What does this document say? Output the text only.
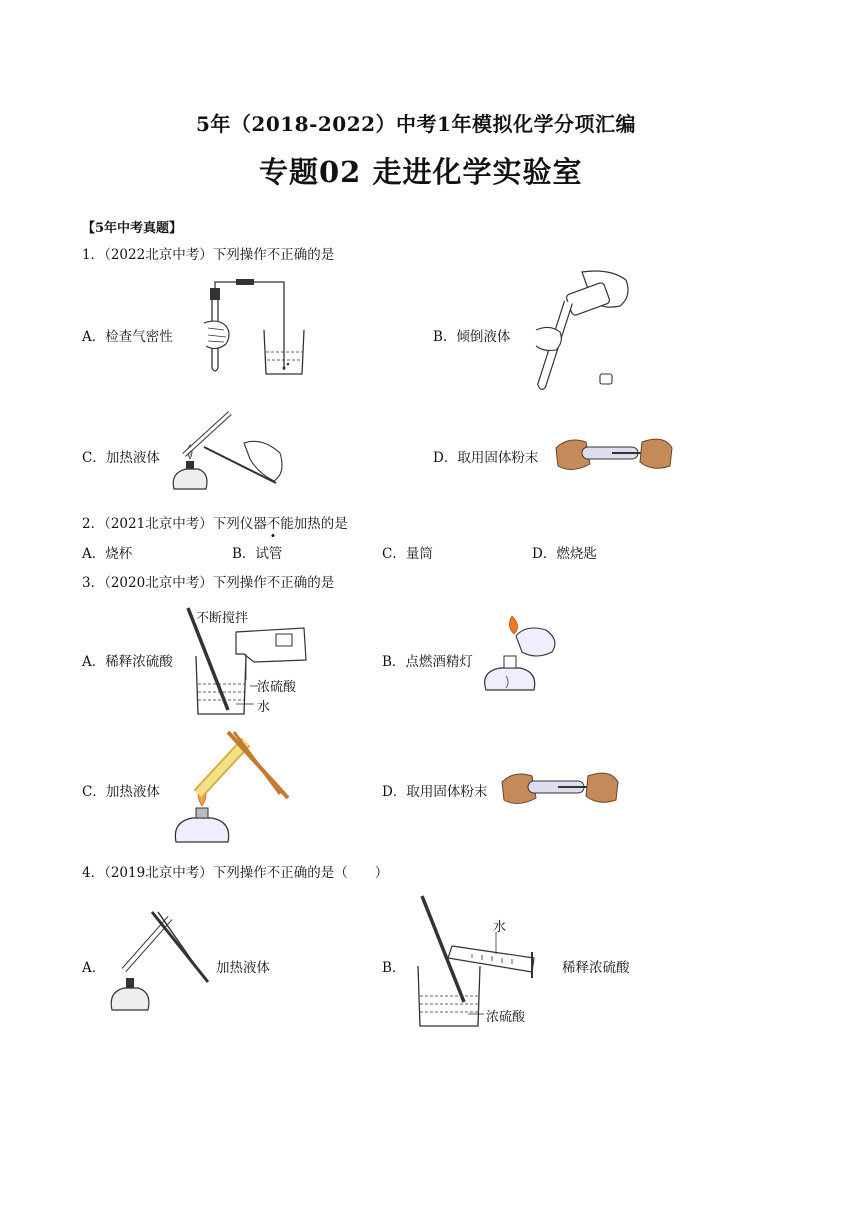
5年（2018-2022）中考1年模拟化学分项汇编
专题02 走进化学实验室
【5年中考真题】
1．（2022北京中考）下列操作不正确的是
A．检查气密性	B．倾倒液体
C．加热液体	D．取用固体粉末
2．（2021北京中考）下列仪器不能加热的是
A．烧杯	B．试管	C．量筒	D．燃烧匙
3．（2020北京中考）下列操作不正确的是
A．稀释浓硫酸
不断搅拌
浓硫酸
水
B．点燃酒精灯
C．加热液体	D．取用固体粉末
4．（2019北京中考）下列操作不正确的是（　　）
A．	加热液体	B．
水
浓硫酸
稀释浓硫酸
